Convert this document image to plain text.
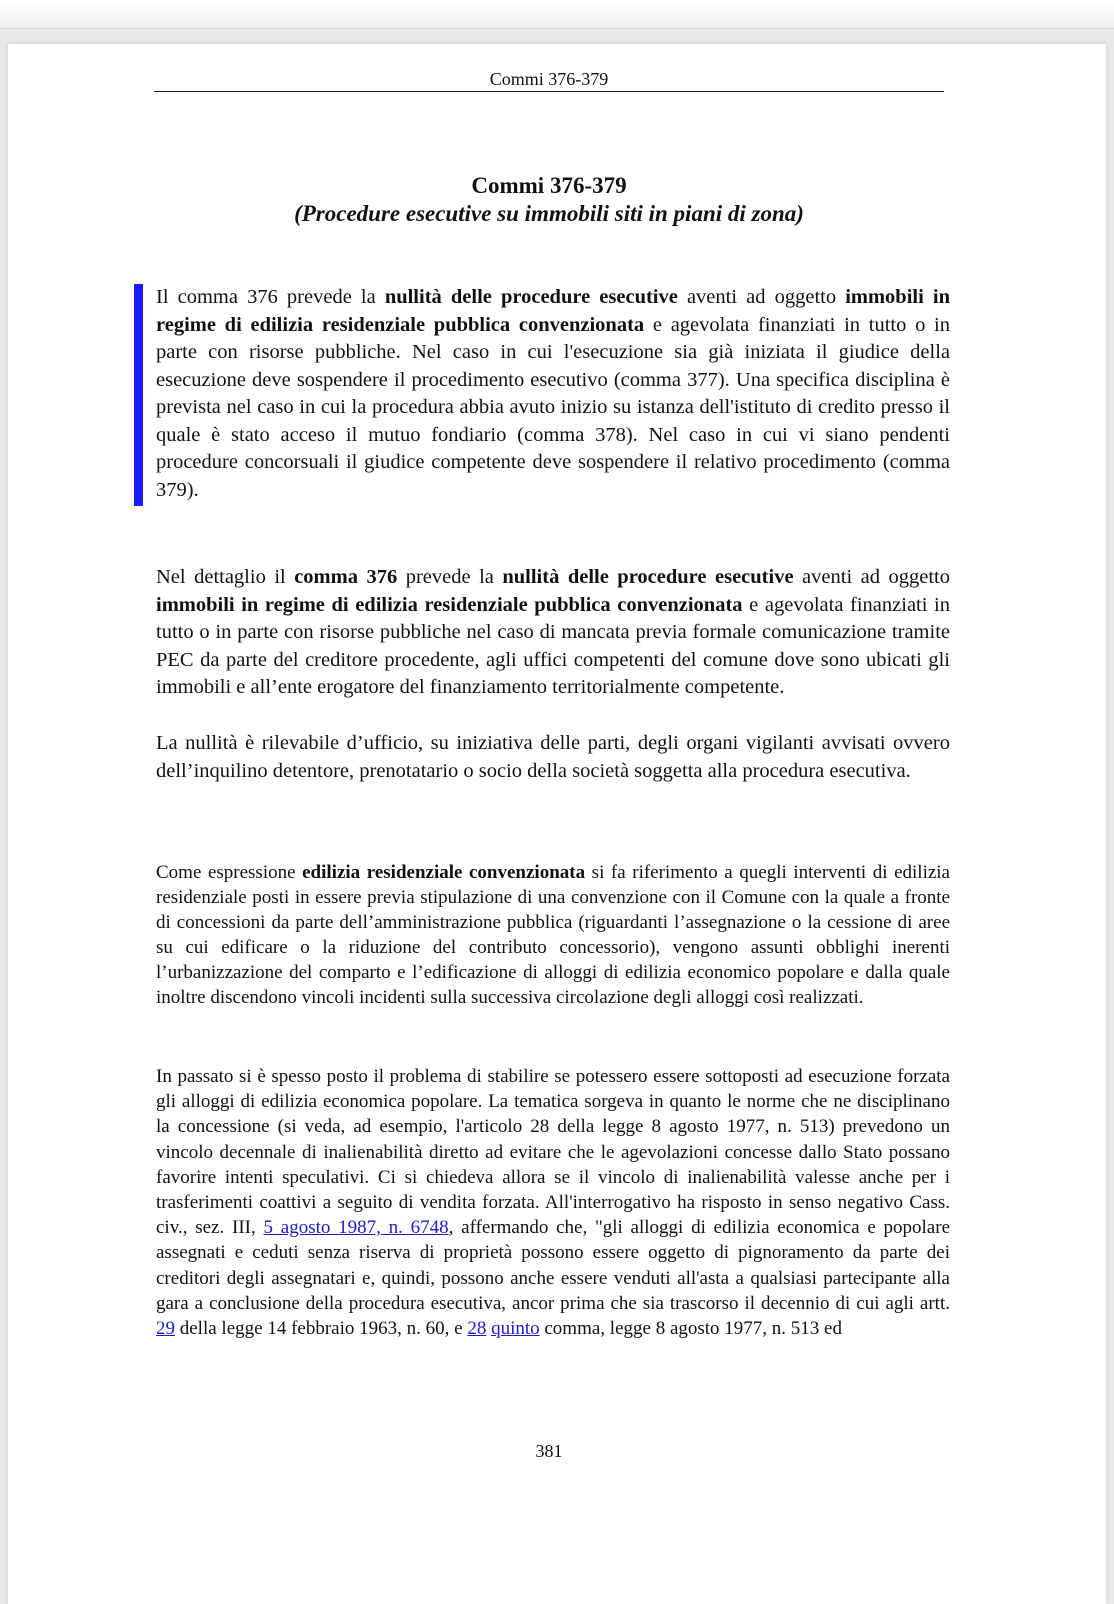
Commi 376-379
Commi 376-379
(Procedure esecutive su immobili siti in piani di zona)

Il comma 376 prevede la nullità delle procedure esecutive aventi ad oggetto immobili in regime di edilizia residenziale pubblica convenzionata e agevolata finanziati in tutto o in parte con risorse pubbliche. Nel caso in cui l'esecuzione sia già iniziata il giudice della esecuzione deve sospendere il procedimento esecutivo (comma 377). Una specifica disciplina è prevista nel caso in cui la procedura abbia avuto inizio su istanza dell'istituto di credito presso il quale è stato acceso il mutuo fondiario (comma 378). Nel caso in cui vi siano pendenti procedure concorsuali il giudice competente deve sospendere il relativo procedimento (comma 379).

Nel dettaglio il comma 376 prevede la nullità delle procedure esecutive aventi ad oggetto immobili in regime di edilizia residenziale pubblica convenzionata e agevolata finanziati in tutto o in parte con risorse pubbliche nel caso di mancata previa formale comunicazione tramite PEC da parte del creditore procedente, agli uffici competenti del comune dove sono ubicati gli immobili e all’ente erogatore del finanziamento territorialmente competente.

La nullità è rilevabile d’ufficio, su iniziativa delle parti, degli organi vigilanti avvisati ovvero dell’inquilino detentore, prenotatario o socio della società soggetta alla procedura esecutiva.

Come espressione edilizia residenziale convenzionata si fa riferimento a quegli interventi di edilizia residenziale posti in essere previa stipulazione di una convenzione con il Comune con la quale a fronte di concessioni da parte dell’amministrazione pubblica (riguardanti l’assegnazione o la cessione di aree su cui edificare o la riduzione del contributo concessorio), vengono assunti obblighi inerenti l’urbanizzazione del comparto e l’edificazione di alloggi di edilizia economico popolare e dalla quale inoltre discendono vincoli incidenti sulla successiva circolazione degli alloggi così realizzati.

In passato si è spesso posto il problema di stabilire se potessero essere sottoposti ad esecuzione forzata gli alloggi di edilizia economica popolare. La tematica sorgeva in quanto le norme che ne disciplinano la concessione (si veda, ad esempio, l'articolo 28 della legge 8 agosto 1977, n. 513) prevedono un vincolo decennale di inalienabilità diretto ad evitare che le agevolazioni concesse dallo Stato possano favorire intenti speculativi. Ci si chiedeva allora se il vincolo di inalienabilità valesse anche per i trasferimenti coattivi a seguito di vendita forzata. All'interrogativo ha risposto in senso negativo Cass. civ., sez. III, 5 agosto 1987, n. 6748, affermando che, "gli alloggi di edilizia economica e popolare assegnati e ceduti senza riserva di proprietà possono essere oggetto di pignoramento da parte dei creditori degli assegnatari e, quindi, possono anche essere venduti all'asta a qualsiasi partecipante alla gara a conclusione della procedura esecutiva, ancor prima che sia trascorso il decennio di cui agli artt. 29 della legge 14 febbraio 1963, n. 60, e 28 quinto comma, legge 8 agosto 1977, n. 513 ed

381
